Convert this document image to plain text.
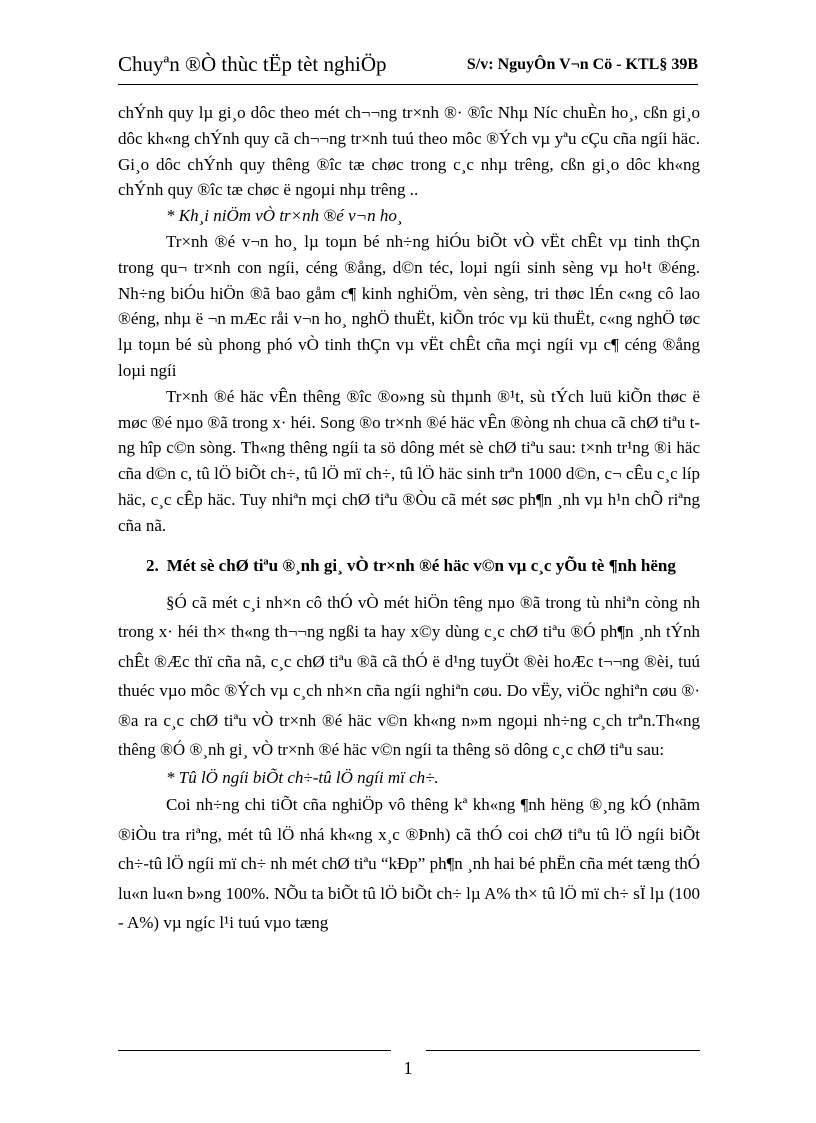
Chuyªn ®Ò thùc tËp tèt nghiÖp	S/v: NguyÔn V¬n Cö - KTL§ 39B

chÝnh quy lµ gi¸o dôc theo mét ch¬¬ng tr×nh ®· ®îc Nhµ Níc chuÈn ho¸, cßn gi¸o dôc kh«ng chÝnh quy cã ch¬¬ng tr×nh tuú theo môc ®Ých vµ yªu cÇu cña ngíi häc. Gi¸o dôc chÝnh quy thêng ®îc tæ chøc trong c¸c nhµ trêng, cßn gi¸o dôc kh«ng chÝnh quy ®îc tæ chøc ë ngoµi nhµ trêng ..

* Kh¸i niÖm vÒ tr×nh ®é v¬n ho¸

Tr×nh ®é v¬n ho¸ lµ toµn bé nh÷ng hiÓu biÕt vÒ vËt chÊt vµ tinh thÇn trong qu¬ tr×nh con ngíi, céng ®ång, d©n téc, loµi ngíi sinh sèng vµ ho¹t ®éng. Nh÷ng biÓu hiÖn ®ã bao gåm c¶ kinh nghiÖm, vèn sèng, tri thøc lÉn c«ng cô lao ®éng, nhµ ë ¬n mÆc råi v¬n ho¸ nghÖ thuËt, kiÕn tróc vµ kü thuËt, c«ng nghÖ tøc lµ toµn bé sù phong phó vÒ tinh thÇn vµ vËt chÊt cña mçi ngíi vµ c¶ céng ®ång loµi ngíi

Tr×nh ®é häc vÊn thêng ®îc ®o»ng sù thµnh ®¹t, sù tÝch luü kiÕn thøc ë møc ®é nµo ®ã trong x· héi. Song ®o tr×nh ®é häc vÊn ®òng nh chua cã chØ tiªu tng hîp c©n sòng. Th«ng thêng ngíi ta sö dông mét sè chØ tiªu sau: t×nh tr¹ng ®i häc cña d©n c, tû lÖ biÕt ch÷, tû lÖ mï ch÷, tû lÖ häc sinh trªn 1000 d©n, c¬ cÊu c¸c líp häc, c¸c cÊp häc. Tuy nhiªn mçi chØ tiªu ®Òu cã mét søc ph¶n ¸nh vµ h¹n chÕ riªng cña nã.

2. Mét sè chØ tiªu ®¸nh gi¸ vÒ tr×nh ®é häc v©n vµ c¸c yÕu tè ¶nh hëng

§Ó cã mét c¸i nh×n cô thÓ vÒ mét hiÖn têng nµo ®ã trong tù nhiªn còng nh trong x· héi th× th«ng th¬¬ng ngßi ta hay x©y dùng c¸c chØ tiªu ®Ó ph¶n ¸nh tÝnh chÊt ®Æc thï cña nã, c¸c chØ tiªu ®ã cã thÓ ë d¹ng tuyÖt ®èi hoÆc t¬¬ng ®èi, tuú thuéc vµo môc ®Ých vµ c¸ch nh×n cña ngíi nghiªn cøu. Do vËy, viÖc nghiªn cøu ®· ®a ra c¸c chØ tiªu vÒ tr×nh ®é häc v©n kh«ng n»m ngoµi nh÷ng c¸ch trªn.Th«ng thêng ®Ó ®¸nh gi¸ vÒ tr×nh ®é häc v©n ngíi ta thêng sö dông c¸c chØ tiªu sau:

* Tû lÖ ngíi biÕt ch÷-tû lÖ ngíi mï ch÷.

Coi nh÷ng chi tiÕt cña nghiÖp vô thêng kª kh«ng ¶nh hëng ®¸ng kÓ (nhãm ®iÒu tra riªng, mét tû lÖ nhá kh«ng x¸c ®Þnh) cã thÓ coi chØ tiªu tû lÖ ngíi biÕt ch÷-tû lÖ ngíi mï ch÷ nh mét chØ tiªu “kÐp” ph¶n ¸nh hai bé phËn cña mét tæng thÓ lu«n lu«n b»ng 100%. NÕu ta biÕt tû lÖ biÕt ch÷ lµ A% th× tû lÖ mï ch÷ sÏ lµ (100 - A%) vµ ngíc l¹i tuú vµo tæng

1
